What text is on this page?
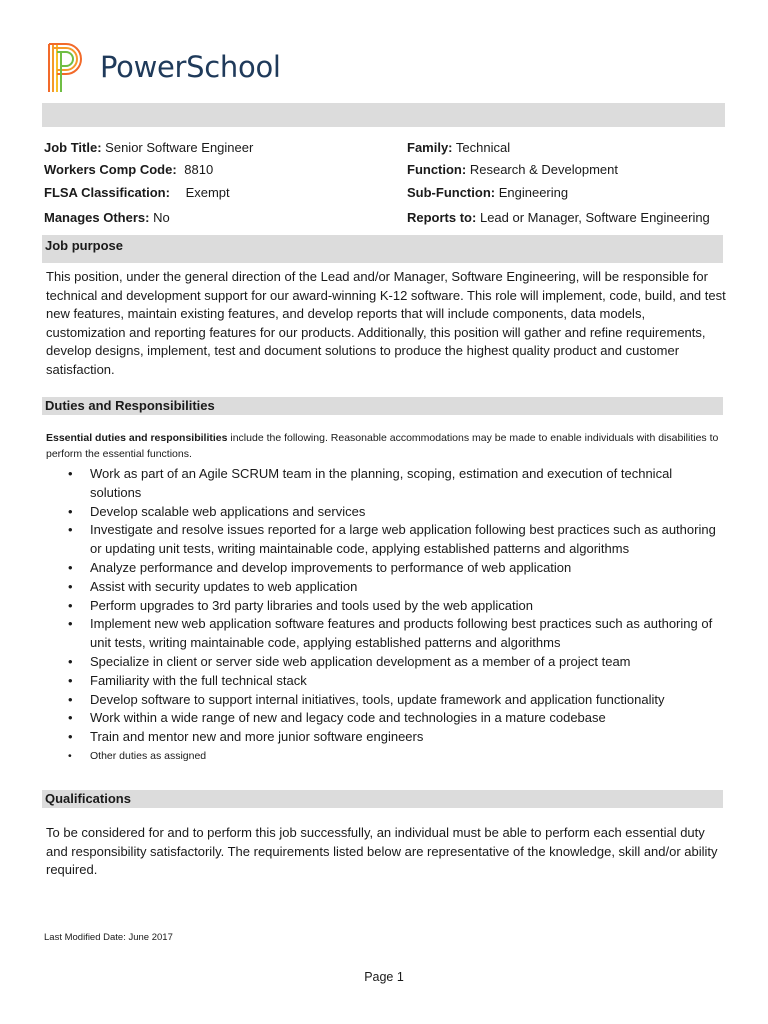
PowerSchool
Job Title: Senior Software Engineer
Workers Comp Code: 8810
FLSA Classification: Exempt
Manages Others: No
Family: Technical
Function: Research & Development
Sub-Function: Engineering
Reports to: Lead or Manager, Software Engineering
Job purpose
This position, under the general direction of the Lead and/or Manager, Software Engineering, will be responsible for technical and development support for our award-winning K-12 software. This role will implement, code, build, and test new features, maintain existing features, and develop reports that will include components, data models, customization and reporting features for our products. Additionally, this position will gather and refine requirements, develop designs, implement, test and document solutions to produce the highest quality product and customer satisfaction.
Duties and Responsibilities
Essential duties and responsibilities include the following. Reasonable accommodations may be made to enable individuals with disabilities to perform the essential functions.
• Work as part of an Agile SCRUM team in the planning, scoping, estimation and execution of technical solutions
• Develop scalable web applications and services
• Investigate and resolve issues reported for a large web application following best practices such as authoring or updating unit tests, writing maintainable code, applying established patterns and algorithms
• Analyze performance and develop improvements to performance of web application
• Assist with security updates to web application
• Perform upgrades to 3rd party libraries and tools used by the web application
• Implement new web application software features and products following best practices such as authoring of unit tests, writing maintainable code, applying established patterns and algorithms
• Specialize in client or server side web application development as a member of a project team
• Familiarity with the full technical stack
• Develop software to support internal initiatives, tools, update framework and application functionality
• Work within a wide range of new and legacy code and technologies in a mature codebase
• Train and mentor new and more junior software engineers
• Other duties as assigned
Qualifications
To be considered for and to perform this job successfully, an individual must be able to perform each essential duty and responsibility satisfactorily. The requirements listed below are representative of the knowledge, skill and/or ability required.
Last Modified Date: June 2017
Page 1
